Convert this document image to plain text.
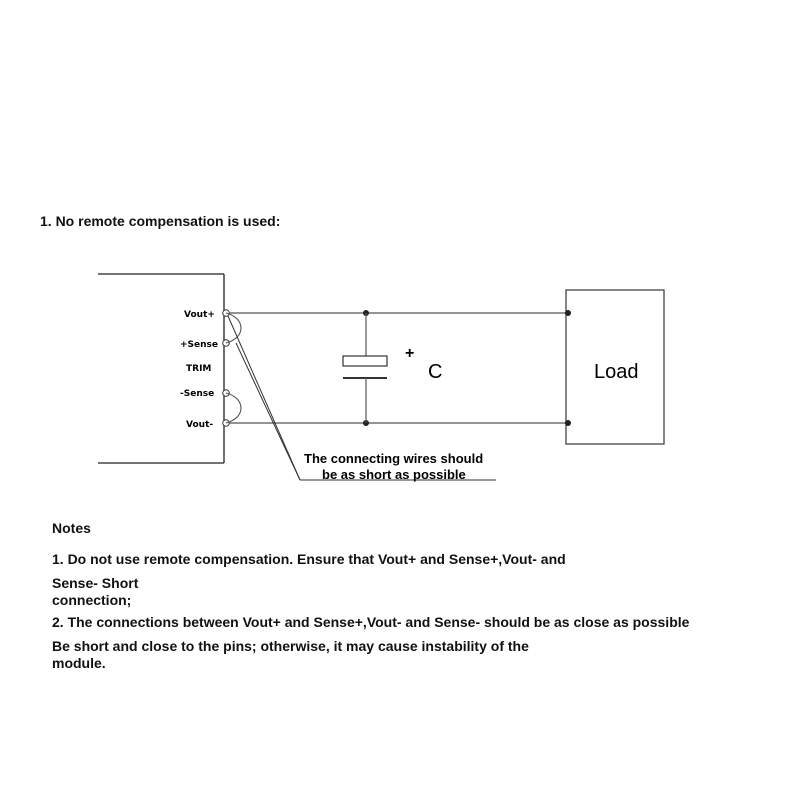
1. No remote compensation is used:
Vout+
+Sense
TRIM
-Sense
Vout-
+
C	Load
The connecting wires should
be as short as possible
Notes
1. Do not use remote compensation. Ensure that Vout+ and Sense+,Vout- and
Sense- Short
connection;
2. The connections between Vout+ and Sense+,Vout- and Sense- should be as close as possible
Be short and close to the pins; otherwise, it may cause instability of the
module.
